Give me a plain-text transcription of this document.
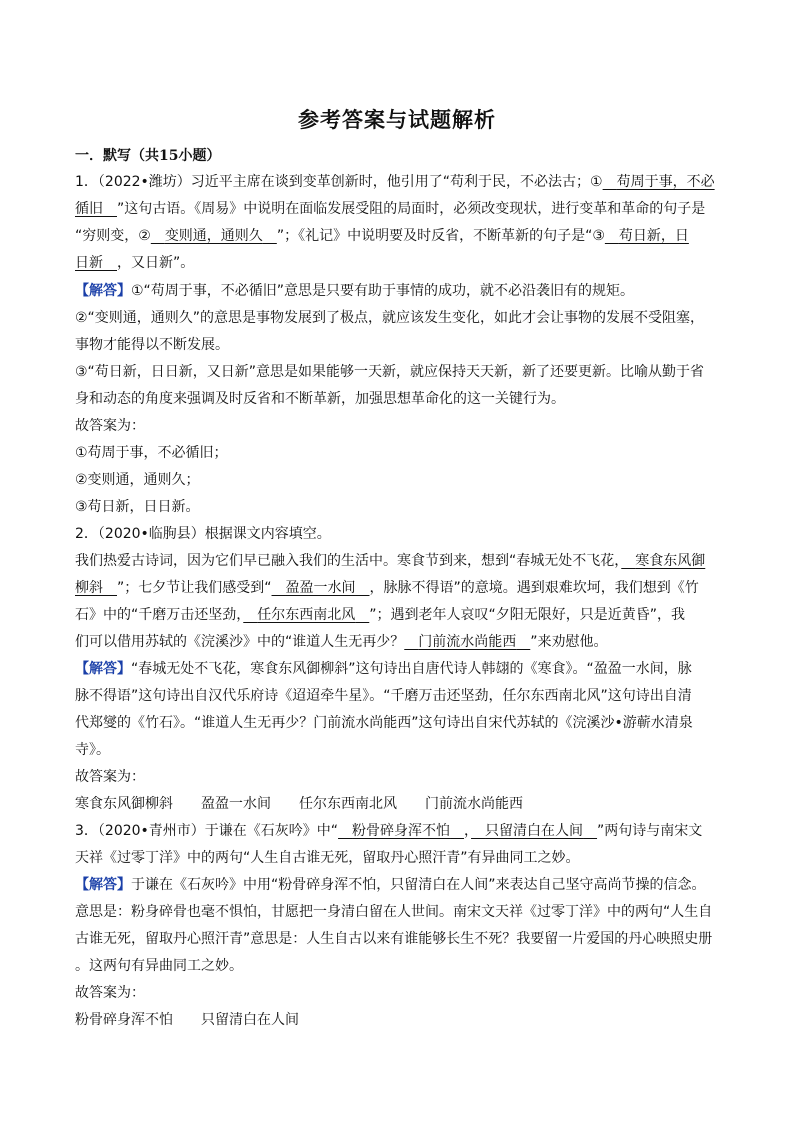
参考答案与试题解析
一．默写（共15小题）
1．（2022•潍坊）习近平主席在谈到变革创新时，他引用了“苟利于民，不必法古；①　 苟周于事，不必
循旧　 ”这句古语。《周易》中说明在面临发展受阻的局面时，必须改变现状，进行变革和革命的句子是
“穷则变，②　 变则通，通则久　 ”；《礼记》中说明要及时反省，不断革新的句子是“③　 苟日新，日
日新　 ，又日新”。
【解答】①“苟周于事，不必循旧”意思是只要有助于事情的成功，就不必沿袭旧有的规矩。
②“变则通，通则久”的意思是事物发展到了极点，就应该发生变化，如此才会让事物的发展不受阻塞，
事物才能得以不断发展。
③“苟日新，日日新，又日新”意思是如果能够一天新，就应保持天天新，新了还要更新。比喻从勤于省
身和动态的角度来强调及时反省和不断革新，加强思想革命化的这一关键行为。
故答案为：
①苟周于事，不必循旧；
②变则通，通则久；
③苟日新，日日新。
2．（2020•临朐县）根据课文内容填空。
我们热爱古诗词，因为它们早已融入我们的生活中。寒食节到来，想到“春城无处不飞花，　 寒食东风御
柳斜　 ”；七夕节让我们感受到“　 盈盈一水间　 ，脉脉不得语”的意境。遇到艰难坎坷，我们想到《竹
石》中的“千磨万击还坚劲，　 任尔东西南北风　 ”；遇到老年人哀叹“夕阳无限好，只是近黄昏”，我
们可以借用苏轼的《浣溪沙》中的“谁道人生无再少？　 门前流水尚能西　 ”来劝慰他。
【解答】“春城无处不飞花，寒食东风御柳斜”这句诗出自唐代诗人韩翃的《寒食》。“盈盈一水间，脉
脉不得语”这句诗出自汉代乐府诗《迢迢牵牛星》。“千磨万击还坚劲，任尔东西南北风”这句诗出自清
代郑燮的《竹石》。“谁道人生无再少？门前流水尚能西”这句诗出自宋代苏轼的《浣溪沙•游蕲水清泉
寺》。
故答案为：
寒食东风御柳斜　　盈盈一水间　　任尔东西南北风　　门前流水尚能西
3．（2020•青州市）于谦在《石灰吟》中“　 粉骨碎身浑不怕　 ，　 只留清白在人间　 ”两句诗与南宋文
天祥《过零丁洋》中的两句“人生自古谁无死，留取丹心照汗青”有异曲同工之妙。
【解答】于谦在《石灰吟》中用“粉骨碎身浑不怕，只留清白在人间”来表达自己坚守高尚节操的信念。
意思是：粉身碎骨也毫不惧怕，甘愿把一身清白留在人世间。南宋文天祥《过零丁洋》中的两句“人生自
古谁无死，留取丹心照汗青”意思是：人生自古以来有谁能够长生不死？我要留一片爱国的丹心映照史册
。这两句有异曲同工之妙。
故答案为：
粉骨碎身浑不怕　　只留清白在人间
